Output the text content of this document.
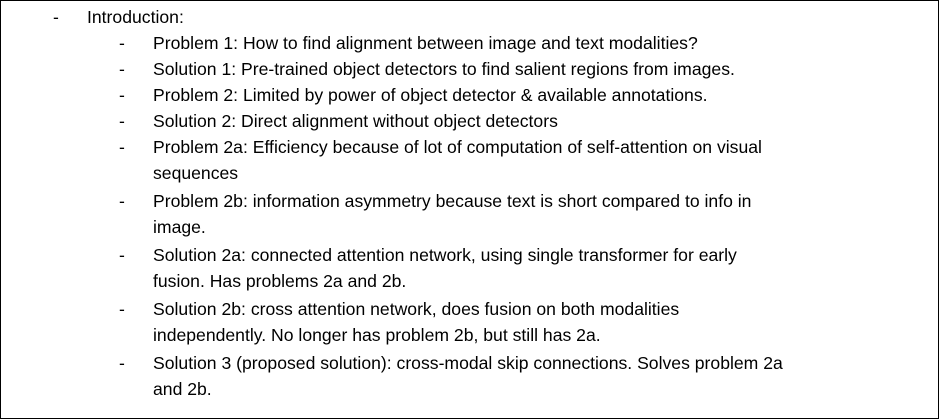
- Introduction:
- Problem 1: How to find alignment between image and text modalities?
- Solution 1: Pre-trained object detectors to find salient regions from images.
- Problem 2: Limited by power of object detector & available annotations.
- Solution 2: Direct alignment without object detectors
- Problem 2a: Efficiency because of lot of computation of self-attention on visual
sequences
- Problem 2b: information asymmetry because text is short compared to info in
image.
- Solution 2a: connected attention network, using single transformer for early
fusion. Has problems 2a and 2b.
- Solution 2b: cross attention network, does fusion on both modalities
independently. No longer has problem 2b, but still has 2a.
- Solution 3 (proposed solution): cross-modal skip connections. Solves problem 2a
and 2b.
